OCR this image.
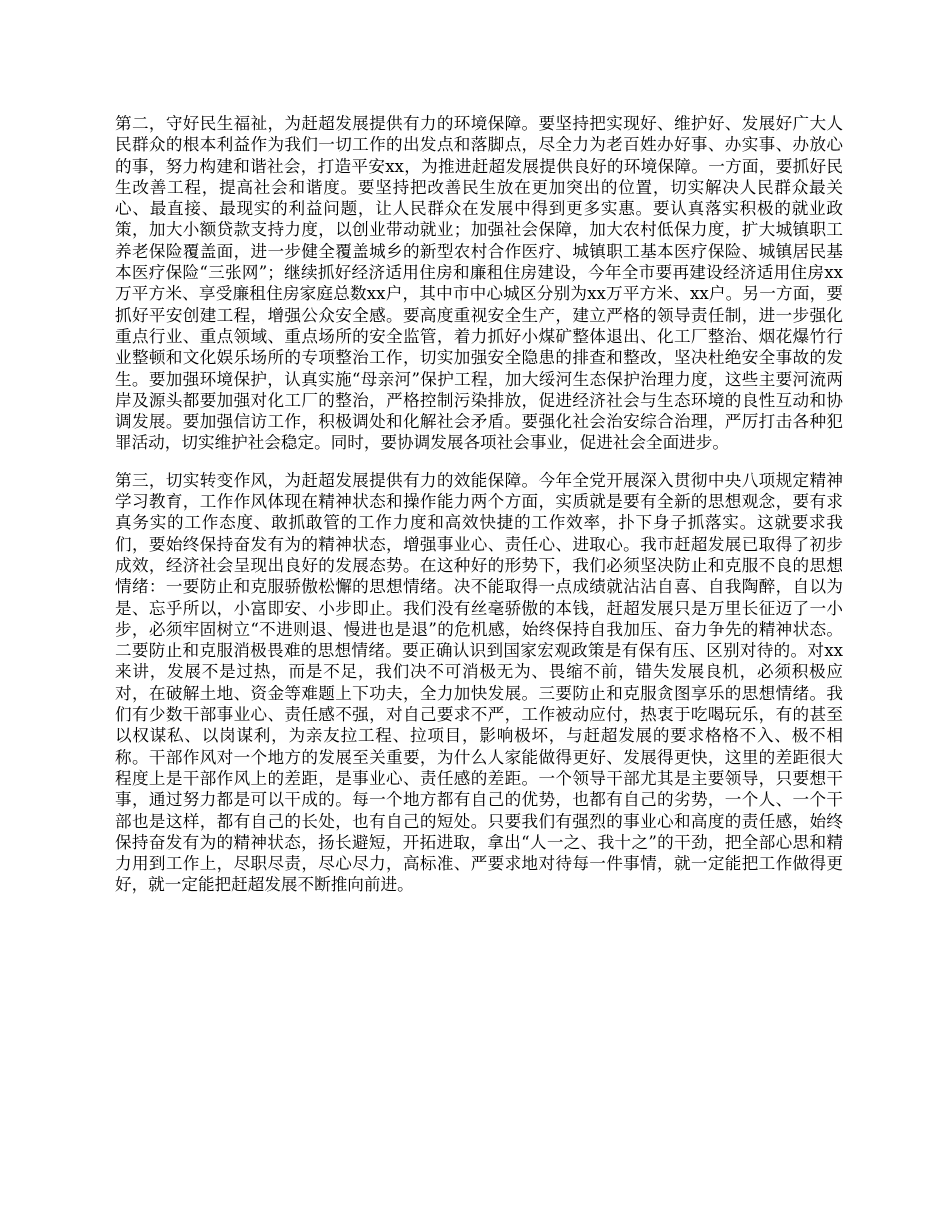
第二，守好民生福祉，为赶超发展提供有力的环境保障。要坚持把实现好、维护好、发展好广大人民群众的根本利益作为我们一切工作的出发点和落脚点，尽全力为老百姓办好事、办实事、办放心的事，努力构建和谐社会，打造平安xx，为推进赶超发展提供良好的环境保障。一方面，要抓好民生改善工程，提高社会和谐度。要坚持把改善民生放在更加突出的位置，切实解决人民群众最关心、最直接、最现实的利益问题，让人民群众在发展中得到更多实惠。要认真落实积极的就业政策，加大小额贷款支持力度，以创业带动就业；加强社会保障，加大农村低保力度，扩大城镇职工养老保险覆盖面，进一步健全覆盖城乡的新型农村合作医疗、城镇职工基本医疗保险、城镇居民基本医疗保险“三张网”；继续抓好经济适用住房和廉租住房建设，今年全市要再建设经济适用住房xx万平方米、享受廉租住房家庭总数xx户，其中市中心城区分别为xx万平方米、xx户。另一方面，要抓好平安创建工程，增强公众安全感。要高度重视安全生产，建立严格的领导责任制，进一步强化重点行业、重点领域、重点场所的安全监管，着力抓好小煤矿整体退出、化工厂整治、烟花爆竹行业整顿和文化娱乐场所的专项整治工作，切实加强安全隐患的排查和整改，坚决杜绝安全事故的发生。要加强环境保护，认真实施“母亲河”保护工程，加大绥河生态保护治理力度，这些主要河流两岸及源头都要加强对化工厂的整治，严格控制污染排放，促进经济社会与生态环境的良性互动和协调发展。要加强信访工作，积极调处和化解社会矛盾。要强化社会治安综合治理，严厉打击各种犯罪活动，切实维护社会稳定。同时，要协调发展各项社会事业，促进社会全面进步。

第三，切实转变作风，为赶超发展提供有力的效能保障。今年全党开展深入贯彻中央八项规定精神学习教育，工作作风体现在精神状态和操作能力两个方面，实质就是要有全新的思想观念，要有求真务实的工作态度、敢抓敢管的工作力度和高效快捷的工作效率，扑下身子抓落实。这就要求我们，要始终保持奋发有为的精神状态，增强事业心、责任心、进取心。我市赶超发展已取得了初步成效，经济社会呈现出良好的发展态势。在这种好的形势下，我们必须坚决防止和克服不良的思想情绪：一要防止和克服骄傲松懈的思想情绪。决不能取得一点成绩就沾沾自喜、自我陶醉，自以为是、忘乎所以，小富即安、小步即止。我们没有丝毫骄傲的本钱，赶超发展只是万里长征迈了一小步，必须牢固树立“不进则退、慢进也是退”的危机感，始终保持自我加压、奋力争先的精神状态。二要防止和克服消极畏难的思想情绪。要正确认识到国家宏观政策是有保有压、区别对待的。对xx来讲，发展不是过热，而是不足，我们决不可消极无为、畏缩不前，错失发展良机，必须积极应对，在破解土地、资金等难题上下功夫，全力加快发展。三要防止和克服贪图享乐的思想情绪。我们有少数干部事业心、责任感不强，对自己要求不严，工作被动应付，热衷于吃喝玩乐，有的甚至以权谋私、以岗谋利，为亲友拉工程、拉项目，影响极坏，与赶超发展的要求格格不入、极不相称。干部作风对一个地方的发展至关重要，为什么人家能做得更好、发展得更快，这里的差距很大程度上是干部作风上的差距，是事业心、责任感的差距。一个领导干部尤其是主要领导，只要想干事，通过努力都是可以干成的。每一个地方都有自己的优势，也都有自己的劣势，一个人、一个干部也是这样，都有自己的长处，也有自己的短处。只要我们有强烈的事业心和高度的责任感，始终保持奋发有为的精神状态，扬长避短，开拓进取，拿出“人一之、我十之”的干劲，把全部心思和精力用到工作上，尽职尽责，尽心尽力，高标准、严要求地对待每一件事情，就一定能把工作做得更好，就一定能把赶超发展不断推向前进。
